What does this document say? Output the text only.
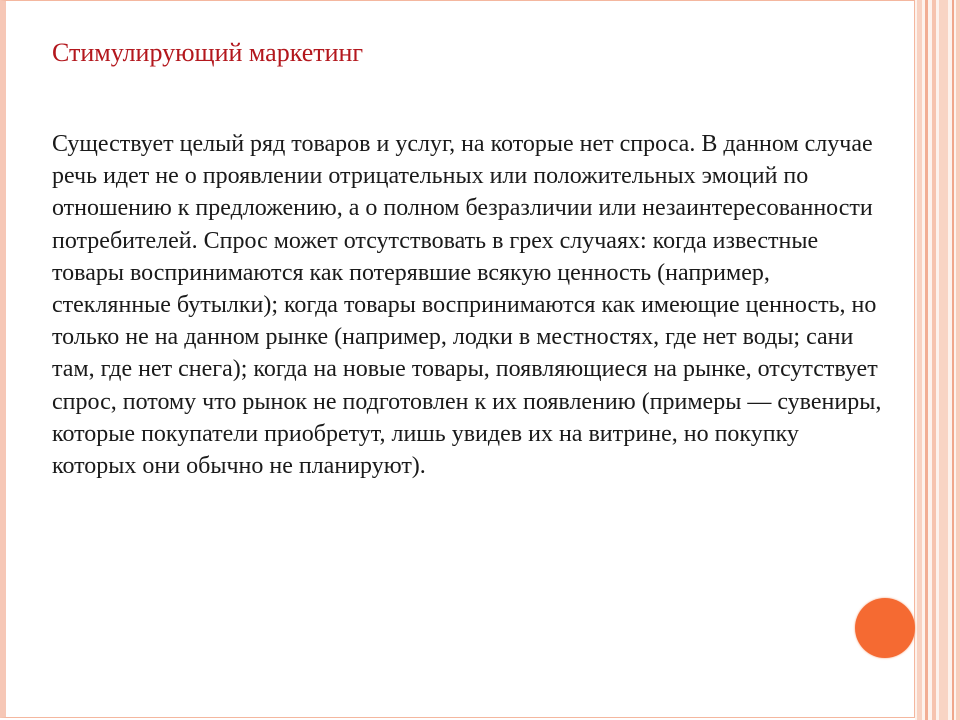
Стимулирующий маркетинг

Существует целый ряд товаров и услуг, на которые нет спроса. В данном случае речь идет не о проявлении отрицательных или положительных эмоций по отношению к предложению, а о полном безразличии или незаинтересованности потребителей. Спрос может отсутствовать в грех случаях: когда известные товары воспринимаются как потерявшие всякую ценность (например, стеклянные бутылки); когда товары воспринимаются как имеющие ценность, но только не на данном рынке (например, лодки в местностях, где нет воды; сани там, где нет снега); когда на новые товары, появляющиеся на рынке, отсутствует спрос, потому что рынок не подготовлен к их появлению (примеры — сувениры, которые покупатели приобретут, лишь увидев их на витрине, но покупку которых они обычно не планируют).
